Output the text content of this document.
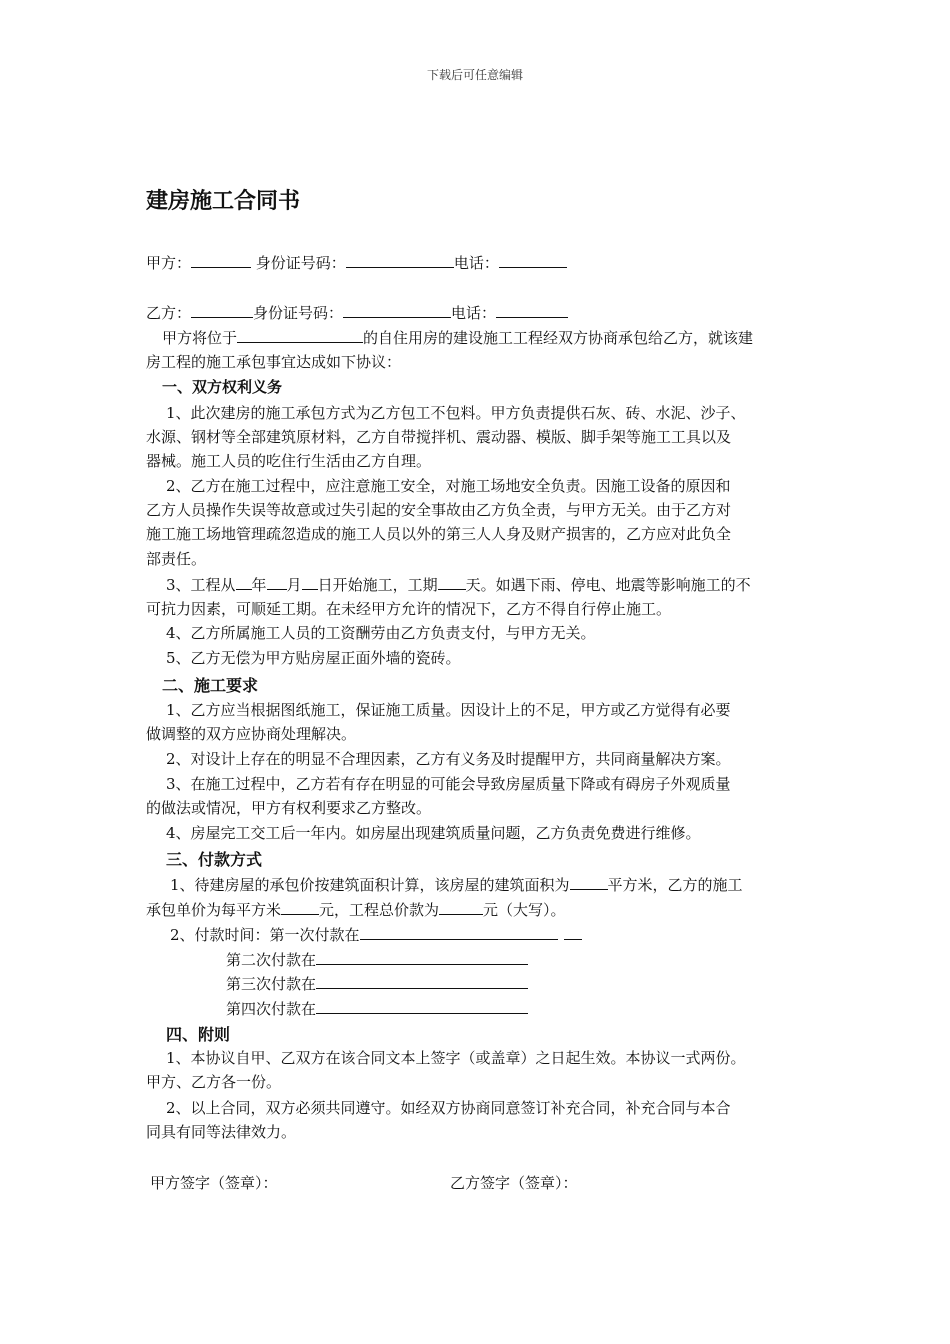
下载后可任意编辑
建房施工合同书
甲方：	身份证号码：	电话：
乙方：	身份证号码：	电话：
甲方将位于	的自住用房的建设施工工程经双方协商承包给乙方，就该建
房工程的施工承包事宜达成如下协议：
一、双方权利义务
1、此次建房的施工承包方式为乙方包工不包料。甲方负责提供石灰、砖、水泥、沙子、
水源、钢材等全部建筑原材料，乙方自带搅拌机、震动器、模版、脚手架等施工工具以及
器械。施工人员的吃住行生活由乙方自理。
2、乙方在施工过程中，应注意施工安全，对施工场地安全负责。因施工设备的原因和
乙方人员操作失误等故意或过失引起的安全事故由乙方负全责，与甲方无关。由于乙方对
施工施工场地管理疏忽造成的施工人员以外的第三人人身及财产损害的，乙方应对此负全
部责任。
3、工程从 年 月 日开始施工，工期 天。如遇下雨、停电、地震等影响施工的不
可抗力因素，可顺延工期。在未经甲方允许的情况下，乙方不得自行停止施工。
4、乙方所属施工人员的工资酬劳由乙方负责支付，与甲方无关。
5、乙方无偿为甲方贴房屋正面外墙的瓷砖。
二、施工要求
1、乙方应当根据图纸施工，保证施工质量。因设计上的不足，甲方或乙方觉得有必要
做调整的双方应协商处理解决。
2、对设计上存在的明显不合理因素，乙方有义务及时提醒甲方，共同商量解决方案。
3、在施工过程中，乙方若有存在明显的可能会导致房屋质量下降或有碍房子外观质量
的做法或情况，甲方有权利要求乙方整改。
4、房屋完工交工后一年内。如房屋出现建筑质量问题，乙方负责免费进行维修。
三、付款方式
1、待建房屋的承包价按建筑面积计算，该房屋的建筑面积为	平方米，乙方的施工
承包单价为每平方米	元，工程总价款为	元（大写）。
2、付款时间：第一次付款在
第二次付款在
第三次付款在
第四次付款在
四、附则
1、本协议自甲、乙双方在该合同文本上签字（或盖章）之日起生效。本协议一式两份。
甲方、乙方各一份。
2、以上合同，双方必须共同遵守。如经双方协商同意签订补充合同，补充合同与本合
同具有同等法律效力。
甲方签字（签章）：	乙方签字（签章）：
